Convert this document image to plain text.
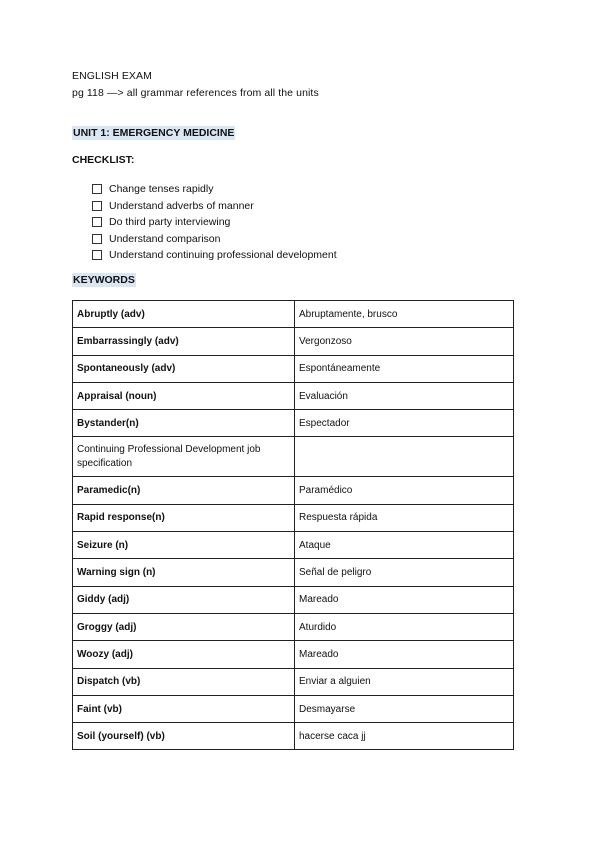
ENGLISH EXAM
pg 118 —> all grammar references from all the units
UNIT 1: EMERGENCY MEDICINE
CHECKLIST:
Change tenses rapidly
Understand adverbs of manner
Do third party interviewing
Understand comparison
Understand continuing professional development
KEYWORDS
Abruptly (adv)	Abruptamente, brusco
Embarrassingly (adv)	Vergonzoso
Spontaneously (adv)	Espontáneamente
Appraisal (noun)	Evaluación
Bystander(n)	Espectador
Continuing Professional Development job specification	
Paramedic(n)	Paramédico
Rapid response(n)	Respuesta rápida
Seizure (n)	Ataque
Warning sign (n)	Señal de peligro
Giddy (adj)	Mareado
Groggy (adj)	Aturdido
Woozy (adj)	Mareado
Dispatch (vb)	Enviar a alguien
Faint (vb)	Desmayarse
Soil (yourself) (vb)	hacerse caca jj
